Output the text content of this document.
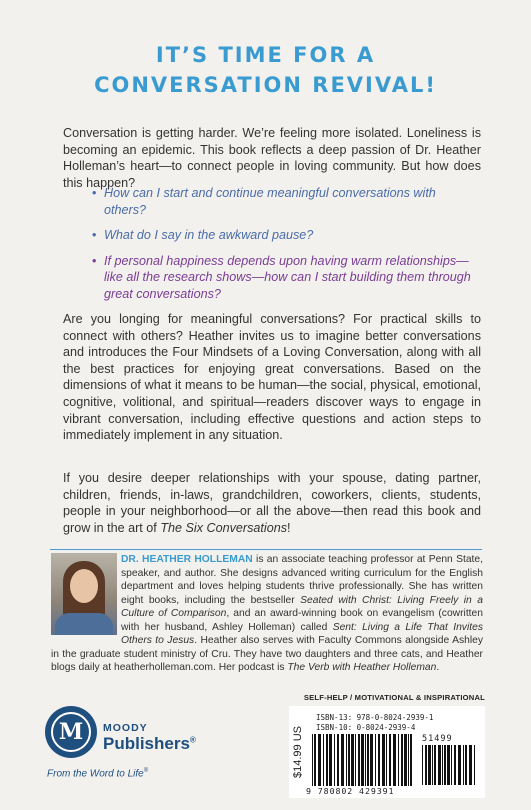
IT’S TIME FOR A
CONVERSATION REVIVAL!
Conversation is getting harder. We’re feeling more isolated. Loneliness is becoming an epidemic. This book reflects a deep passion of Dr. Heather Holleman’s heart—to connect people in loving community. But how does this happen?
• How can I start and continue meaningful conversations with others?
• What do I say in the awkward pause?
• If personal happiness depends upon having warm relationships—like all the research shows—how can I start building them through great conversations?
Are you longing for meaningful conversations? For practical skills to connect with others? Heather invites us to imagine better conversations and introduces the Four Mindsets of a Loving Conversation, along with all the best practices for enjoying great conversations. Based on the dimensions of what it means to be human—the social, physical, emotional, cognitive, volitional, and spiritual—readers discover ways to engage in vibrant conversation, including effective questions and action steps to immediately implement in any situation.
If you desire deeper relationships with your spouse, dating partner, children, friends, in-laws, grandchildren, coworkers, clients, students, people in your neighborhood—or all the above—then read this book and grow in the art of The Six Conversations!
DR. HEATHER HOLLEMAN is an associate teaching professor at Penn State, speaker, and author. She designs advanced writing curriculum for the English department and loves helping students thrive professionally. She has written eight books, including the bestseller Seated with Christ: Living Freely in a Culture of Comparison, and an award-winning book on evangelism (cowritten with her husband, Ashley Holleman) called Sent: Living a Life That Invites Others to Jesus. Heather also serves with Faculty Commons alongside Ashley in the graduate student ministry of Cru. They have two daughters and three cats, and Heather blogs daily at heatherholleman.com. Her podcast is The Verb with Heather Holleman.
M	MOODY
Publishers®
From the Word to Life®
SELF-HELP / MOTIVATIONAL & INSPIRATIONAL
$14.99 US
ISBN-13: 978-0-8024-2939-1
ISBN-10: 0-8024-2939-4
9 780802 429391
51499
